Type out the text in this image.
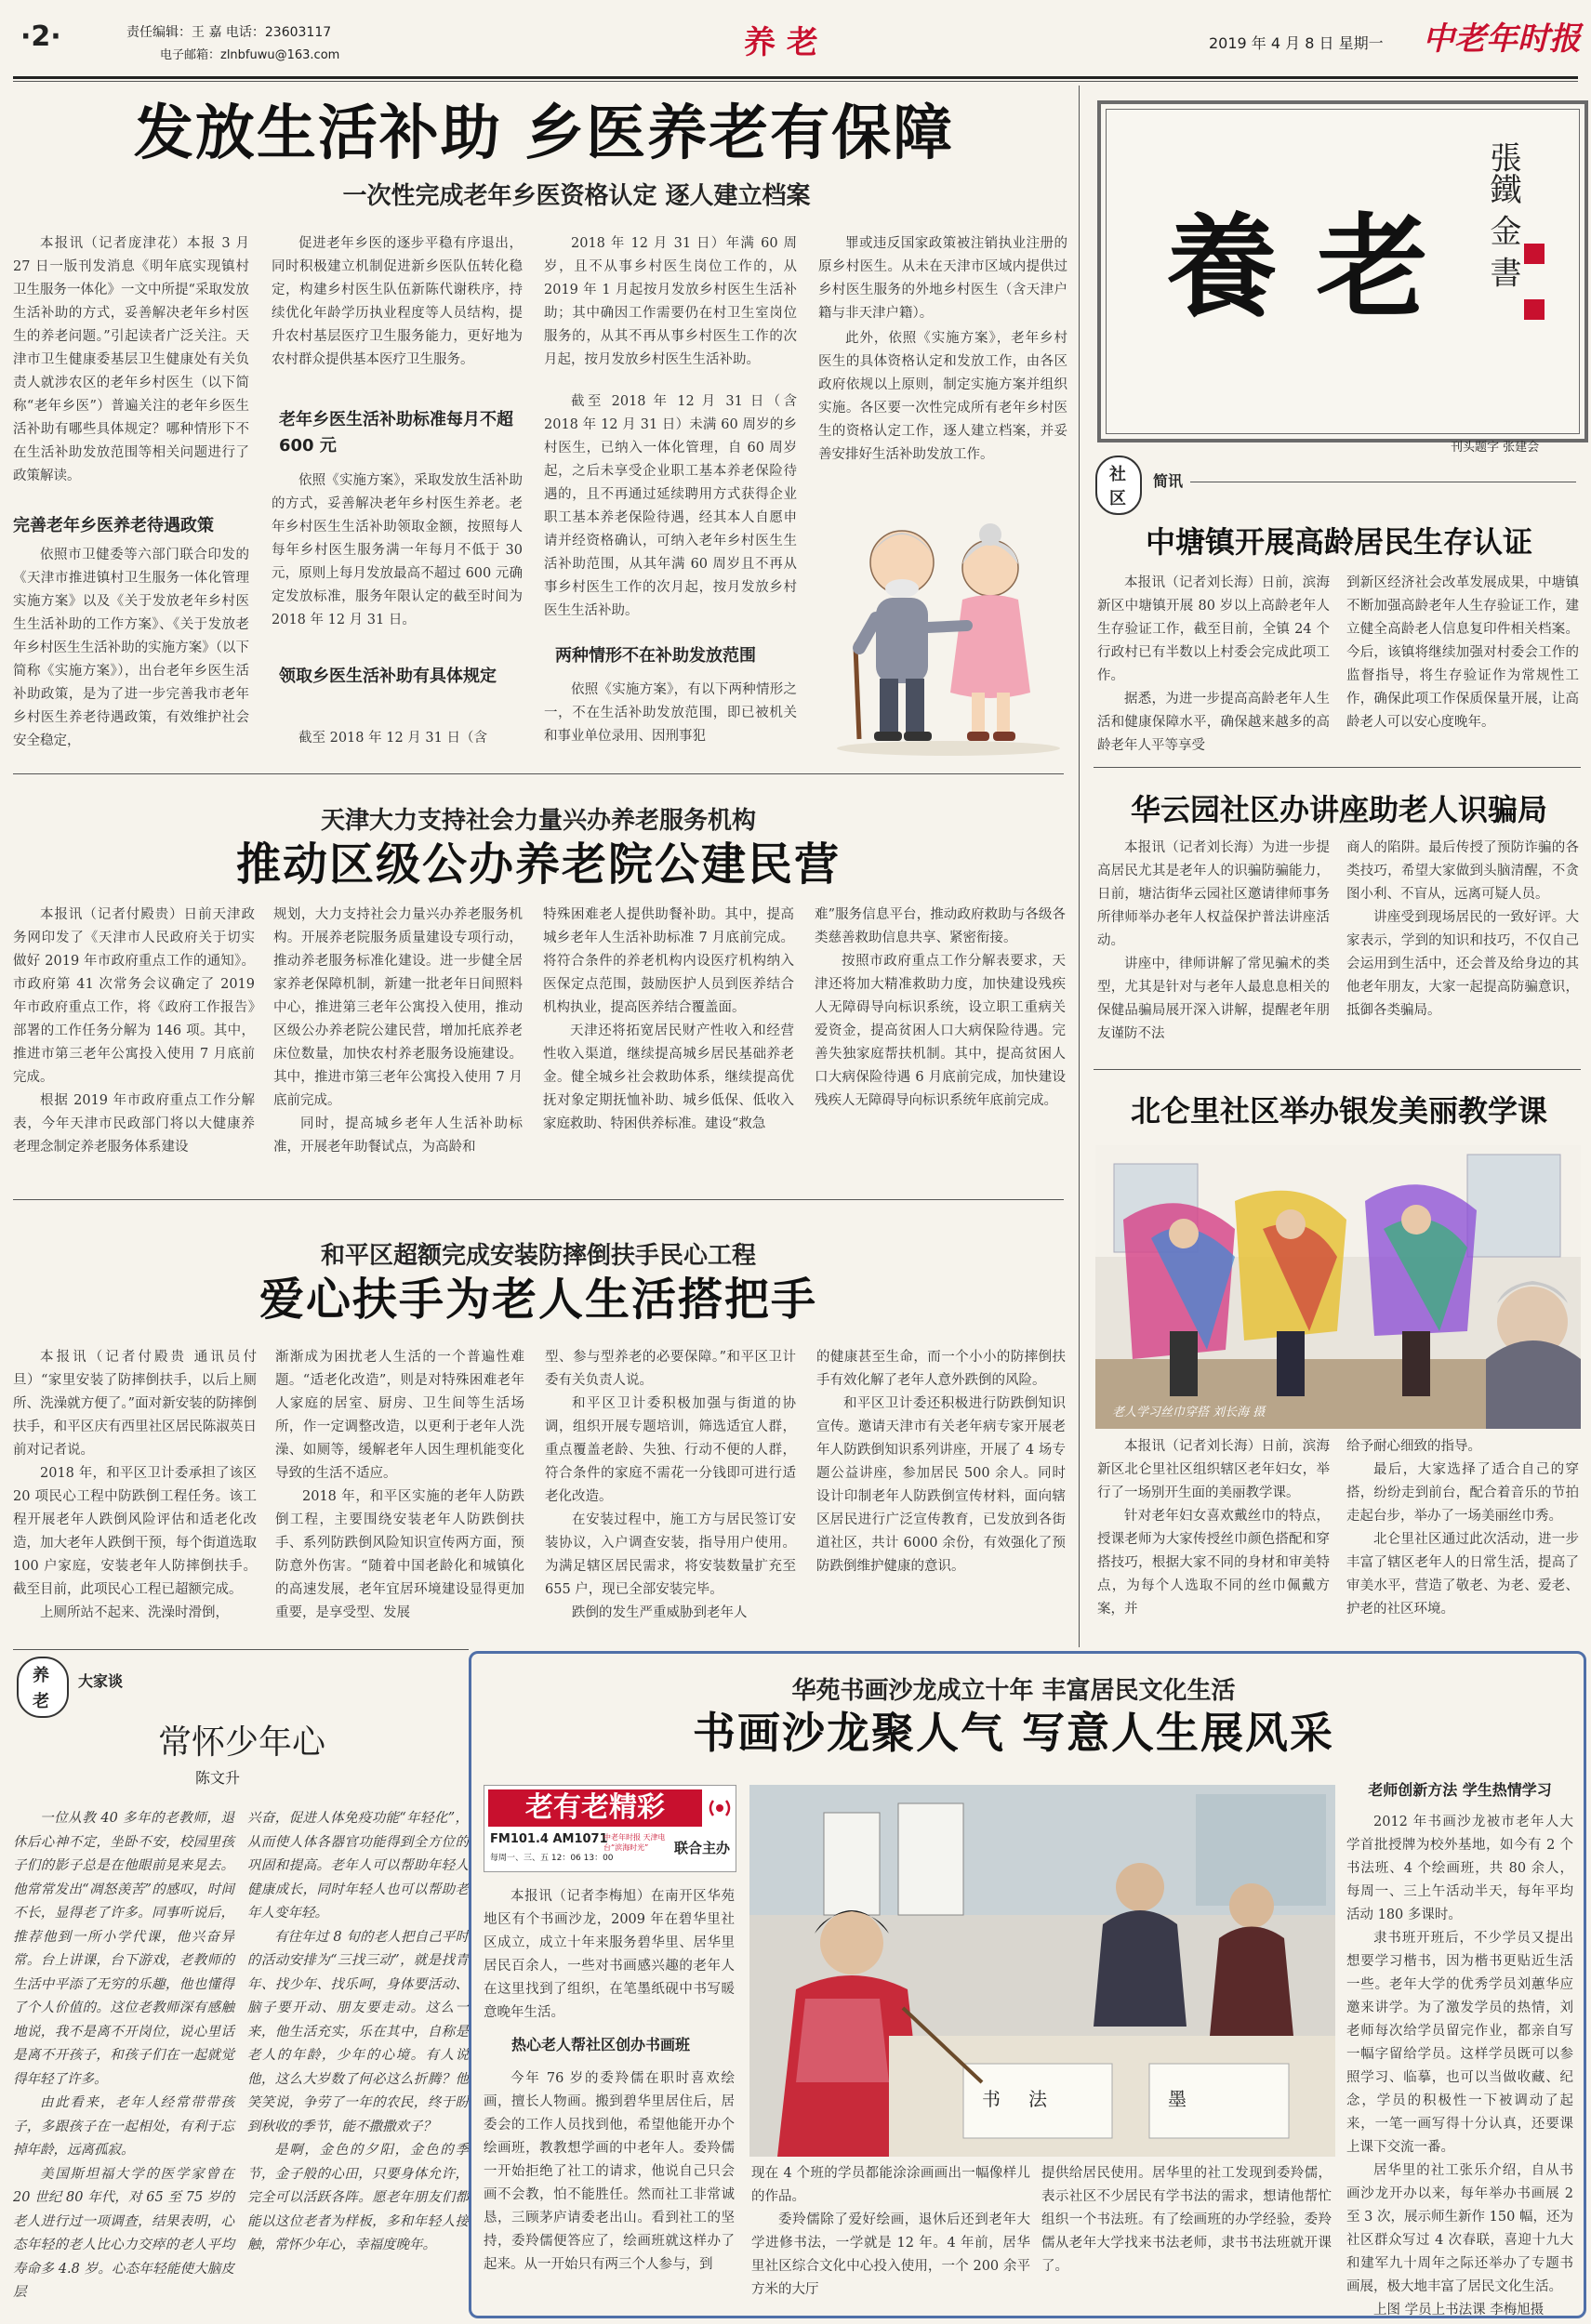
·2·	责任编辑：王 嘉 电话：23603117
电子邮箱：zlnbfuwu@163.com	养 老	2019 年 4 月 8 日 星期一 中老年时报
发放生活补助 乡医养老有保障
一次性完成老年乡医资格认定 逐人建立档案

本报讯（记者庞津花）本报 3 月 27 日一版刊发消息《明年底实现镇村卫生服务一体化》一文中所提“采取发放生活补助的方式，妥善解决老年乡村医生的养老问题。”引起读者广泛关注。天津市卫生健康委基层卫生健康处有关负责人就涉农区的老年乡村医生（以下简称“老年乡医”）普遍关注的老年乡医生活补助有哪些具体规定？哪种情形下不在生活补助发放范围等相关问题进行了政策解读。

完善老年乡医养老待遇政策

依照市卫健委等六部门联合印发的《天津市推进镇村卫生服务一体化管理实施方案》以及《关于发放老年乡村医生生活补助的工作方案》、《关于发放老年乡村医生生活补助的实施方案》（以下简称《实施方案》），出台老年乡医生活补助政策，是为了进一步完善我市老年乡村医生养老待遇政策，有效维护社会安全稳定，

促进老年乡医的逐步平稳有序退出，同时积极建立机制促进新乡医队伍转化稳定，构建乡村医生队伍新陈代谢秩序，持续优化年龄学历执业程度等人员结构，提升农村基层医疗卫生服务能力，更好地为农村群众提供基本医疗卫生服务。

老年乡医生活补助标准每月不超 600 元

依照《实施方案》，采取发放生活补助的方式，妥善解决老年乡村医生养老。老年乡村医生生活补助领取金额，按照每人每年乡村医生服务满一年每月不低于 30 元，原则上每月发放最高不超过 600 元确定发放标准，服务年限认定的截至时间为 2018 年 12 月 31 日。

领取乡医生活补助有具体规定

截至 2018 年 12 月 31 日（含

2018 年 12 月 31 日）年满 60 周岁，且不从事乡村医生岗位工作的，从 2019 年 1 月起按月发放乡村医生生活补助；其中确因工作需要仍在村卫生室岗位服务的，从其不再从事乡村医生工作的次月起，按月发放乡村医生生活补助。

截至 2018 年 12 月 31 日（含 2018 年 12 月 31 日）未满 60 周岁的乡村医生，已纳入一体化管理，自 60 周岁起，之后未享受企业职工基本养老保险待遇的，且不再通过延续聘用方式获得企业职工基本养老保险待遇，经其本人自愿申请并经资格确认，可纳入老年乡村医生生活补助范围，从其年满 60 周岁且不再从事乡村医生工作的次月起，按月发放乡村医生生活补助。

两种情形不在补助发放范围

依照《实施方案》，有以下两种情形之一，不在生活补助发放范围，即已被机关和事业单位录用、因刑事犯

罪或违反国家政策被注销执业注册的原乡村医生。从未在天津市区域内提供过乡村医生服务的外地乡村医生（含天津户籍与非天津户籍）。

此外，依照《实施方案》，老年乡村医生的具体资格认定和发放工作，由各区政府依规以上原则，制定实施方案并组织实施。各区要一次性完成所有老年乡村医生的资格认定工作，逐人建立档案，并妥善安排好生活补助发放工作。

養 老 張鐵 金 書
刊头题字 张建会
社
区
简讯
中塘镇开展高龄居民生存认证

本报讯（记者刘长海）日前，滨海新区中塘镇开展 80 岁以上高龄老年人生存验证工作，截至目前，全镇 24 个行政村已有半数以上村委会完成此项工作。

据悉，为进一步提高高龄老年人生活和健康保障水平，确保越来越多的高龄老年人平等享受

到新区经济社会改革发展成果，中塘镇不断加强高龄老年人生存验证工作，建立健全高龄老人信息复印件相关档案。今后，该镇将继续加强对村委会工作的监督指导，将生存验证作为常规性工作，确保此项工作保质保量开展，让高龄老人可以安心度晚年。

华云园社区办讲座助老人识骗局

本报讯（记者刘长海）为进一步提高居民尤其是老年人的识骗防骗能力，日前，塘沽街华云园社区邀请律师事务所律师举办老年人权益保护普法讲座活动。

讲座中，律师讲解了常见骗术的类型，尤其是针对与老年人最息息相关的保健品骗局展开深入讲解，提醒老年朋友谨防不法

商人的陷阱。最后传授了预防诈骗的各类技巧，希望大家做到头脑清醒，不贪图小利、不盲从，远离可疑人员。

讲座受到现场居民的一致好评。大家表示，学到的知识和技巧，不仅自己会运用到生活中，还会普及给身边的其他老年朋友，大家一起提高防骗意识，抵御各类骗局。

北仑里社区举办银发美丽教学课
老人学习丝巾穿搭 刘长海 摄

本报讯（记者刘长海）日前，滨海新区北仑里社区组织辖区老年妇女，举行了一场别开生面的美丽教学课。

针对老年妇女喜欢戴丝巾的特点，授课老师为大家传授丝巾颜色搭配和穿搭技巧，根据大家不同的身材和审美特点，为每个人选取不同的丝巾佩戴方案，并

给予耐心细致的指导。

最后，大家选择了适合自己的穿搭，纷纷走到前台，配合着音乐的节拍走起台步，举办了一场美丽丝巾秀。

北仑里社区通过此次活动，进一步丰富了辖区老年人的日常生活，提高了审美水平，营造了敬老、为老、爱老、护老的社区环境。

天津大力支持社会力量兴办养老服务机构
推动区级公办养老院公建民营

本报讯（记者付殿贵）日前天津政务网印发了《天津市人民政府关于切实做好 2019 年市政府重点工作的通知》。市政府第 41 次常务会议确定了 2019 年市政府重点工作，将《政府工作报告》部署的工作任务分解为 146 项。其中，推进市第三老年公寓投入使用 7 月底前完成。

根据 2019 年市政府重点工作分解表，今年天津市民政部门将以大健康养老理念制定养老服务体系建设

规划，大力支持社会力量兴办养老服务机构。开展养老院服务质量建设专项行动，推动养老服务标准化建设。进一步健全居家养老保障机制，新建一批老年日间照料中心，推进第三老年公寓投入使用，推动区级公办养老院公建民营，增加托底养老床位数量，加快农村养老服务设施建设。其中，推进市第三老年公寓投入使用 7 月底前完成。

同时，提高城乡老年人生活补助标准，开展老年助餐试点，为高龄和

特殊困难老人提供助餐补助。其中，提高城乡老年人生活补助标准 7 月底前完成。将符合条件的养老机构内设医疗机构纳入医保定点范围，鼓励医护人员到医养结合机构执业，提高医养结合覆盖面。

天津还将拓宽居民财产性收入和经营性收入渠道，继续提高城乡居民基础养老金。健全城乡社会救助体系，继续提高优抚对象定期抚恤补助、城乡低保、低收入家庭救助、特困供养标准。建设“救急

难”服务信息平台，推动政府救助与各级各类慈善救助信息共享、紧密衔接。

按照市政府重点工作分解表要求，天津还将加大精准救助力度，加快建设残疾人无障碍导向标识系统，设立职工重病关爱资金，提高贫困人口大病保险待遇。完善失独家庭帮扶机制。其中，提高贫困人口大病保险待遇 6 月底前完成，加快建设残疾人无障碍导向标识系统年底前完成。

和平区超额完成安装防摔倒扶手民心工程
爱心扶手为老人生活搭把手

本报讯（记者付殿贵 通讯员付旦）“家里安装了防摔倒扶手，以后上厕所、洗澡就方便了。”面对新安装的防摔倒扶手，和平区庆有西里社区居民陈淑英日前对记者说。

2018 年，和平区卫计委承担了该区 20 项民心工程中防跌倒工程任务。该工程开展老年人跌倒风险评估和适老化改造，加大老年人跌倒干预，每个街道选取 100 户家庭，安装老年人防摔倒扶手。截至目前，此项民心工程已超额完成。

上厕所站不起来、洗澡时滑倒，

渐渐成为困扰老人生活的一个普遍性难题。“适老化改造”，则是对特殊困难老年人家庭的居室、厨房、卫生间等生活场所，作一定调整改造，以更利于老年人洗澡、如厕等，缓解老年人因生理机能变化导致的生活不适应。

2018 年，和平区实施的老年人防跌倒工程，主要围绕安装老年人防跌倒扶手、系列防跌倒风险知识宣传两方面，预防意外伤害。“随着中国老龄化和城镇化的高速发展，老年宜居环境建设显得更加重要，是享受型、发展

型、参与型养老的必要保障。”和平区卫计委有关负责人说。

和平区卫计委积极加强与街道的协调，组织开展专题培训，筛选适宜人群，重点覆盖老龄、失独、行动不便的人群，符合条件的家庭不需花一分钱即可进行适老化改造。

在安装过程中，施工方与居民签订安装协议，入户调查安装，指导用户使用。为满足辖区居民需求，将安装数量扩充至 655 户，现已全部安装完毕。

跌倒的发生严重威胁到老年人

的健康甚至生命，而一个小小的防摔倒扶手有效化解了老年人意外跌倒的风险。

和平区卫计委还积极进行防跌倒知识宣传。邀请天津市有关老年病专家开展老年人防跌倒知识系列讲座，开展了 4 场专题公益讲座，参加居民 500 余人。同时设计印制老年人防跌倒宣传材料，面向辖区居民进行广泛宣传教育，已发放到各街道社区，共计 6000 余份，有效强化了预防跌倒维护健康的意识。

养
老
大家谈
常怀少年心
陈文升

一位从教 40 多年的老教师，退休后心神不定，坐卧不安，校园里孩子们的影子总是在他眼前晃来晃去。他常常发出“凋怒羡苦”的感叹，时间不长，显得老了许多。同事听说后，推荐他到一所小学代课，他兴奋异常。台上讲课，台下游戏，老教师的生活中平添了无穷的乐趣，他也懂得了个人价值的。这位老教师深有感触地说，我不是离不开岗位，说心里话是离不开孩子，和孩子们在一起就觉得年轻了许多。

由此看来，老年人经常带带孩子，多跟孩子在一起相处，有利于忘掉年龄，远离孤寂。

美国斯坦福大学的医学家曾在 20 世纪 80 年代，对 65 至 75 岁的老人进行过一项调查，结果表明，心态年轻的老人比心力交瘁的老人平均寿命多 4.8 岁。心态年轻能使大脑皮层

兴奋，促进人体免疫功能“年轻化”，从而使人体各器官功能得到全方位的巩固和提高。老年人可以帮助年轻人健康成长，同时年轻人也可以帮助老年人变年轻。

有往年过 8 旬的老人把自己平时的活动安排为“三找三动”，就是找青年、找少年、找乐呵，身体要活动、脑子要开动、朋友要走动。这么一来，他生活充实，乐在其中，自称是老人的年龄，少年的心境。有人说他，这么大岁数了何必这么折腾？他笑笑说，争劳了一年的农民，终于盼到秋收的季节，能不撒撒欢子？

是啊，金色的夕阳，金色的季节，金子般的心田，只要身体允许，完全可以活跃各阵。愿老年朋友们都能以这位老者为样板，多和年轻人接触，常怀少年心，幸福度晚年。

华苑书画沙龙成立十年 丰富居民文化生活
书画沙龙聚人气 写意人生展风采
老有老精彩
FM101.4 AM1071
每周一、三、五 12：06 13：00
中老年时报 天津电台“滨海时光”	联合主办
书 法	墨

本报讯（记者李梅旭）在南开区华苑地区有个书画沙龙，2009 年在碧华里社区成立，成立十年来服务碧华里、居华里居民百余人，一些对书画感兴趣的老年人在这里找到了组织，在笔墨纸砚中书写暖意晚年生活。

热心老人帮社区创办书画班

今年 76 岁的委羚儒在职时喜欢绘画，擅长人物画。搬到碧华里居住后，居委会的工作人员找到他，希望他能开办个绘画班，教教想学画的中老年人。委羚儒一开始拒绝了社工的请求，他说自己只会画不会教，怕不能胜任。然而社工非常诚恳，三顾茅庐请委老出山。看到社工的坚持，委羚儒便答应了，绘画班就这样办了起来。从一开始只有两三个人参与，到

现在 4 个班的学员都能涂涂画画出一幅像样儿的作品。

委羚儒除了爱好绘画，退休后还到老年大学进修书法，一学就是 12 年。4 年前，居华里社区综合文化中心投入使用，一个 200 余平方米的大厅

提供给居民使用。居华里的社工发现到委羚儒，表示社区不少居民有学书法的需求，想请他帮忙组织一个书法班。有了绘画班的办学经验，委羚儒从老年大学找来书法老师，隶书书法班就开课了。

老师创新方法 学生热情学习

2012 年书画沙龙被市老年人大学首批授牌为校外基地，如今有 2 个书法班、4 个绘画班，共 80 余人，每周一、三上午活动半天，每年平均活动 180 多课时。

隶书班开班后，不少学员又提出想要学习楷书，因为楷书更贴近生活一些。老年大学的优秀学员刘蕙华应邀来讲学。为了激发学员的热情，刘老师每次给学员留完作业，都亲自写一幅字留给学员。这样学员既可以参照学习、临摹，也可以当做收藏、纪念，学员的积极性一下被调动了起来，一笔一画写得十分认真，还要课上课下交流一番。

居华里的社工张乐介绍，自从书画沙龙开办以来，每年举办书画展 2 至 3 次，展示师生新作 150 幅，还为社区群众写过 4 次春联，喜迎十九大和建军九十周年之际还举办了专题书画展，极大地丰富了居民文化生活。

上图 学员上书法课 李梅旭摄
